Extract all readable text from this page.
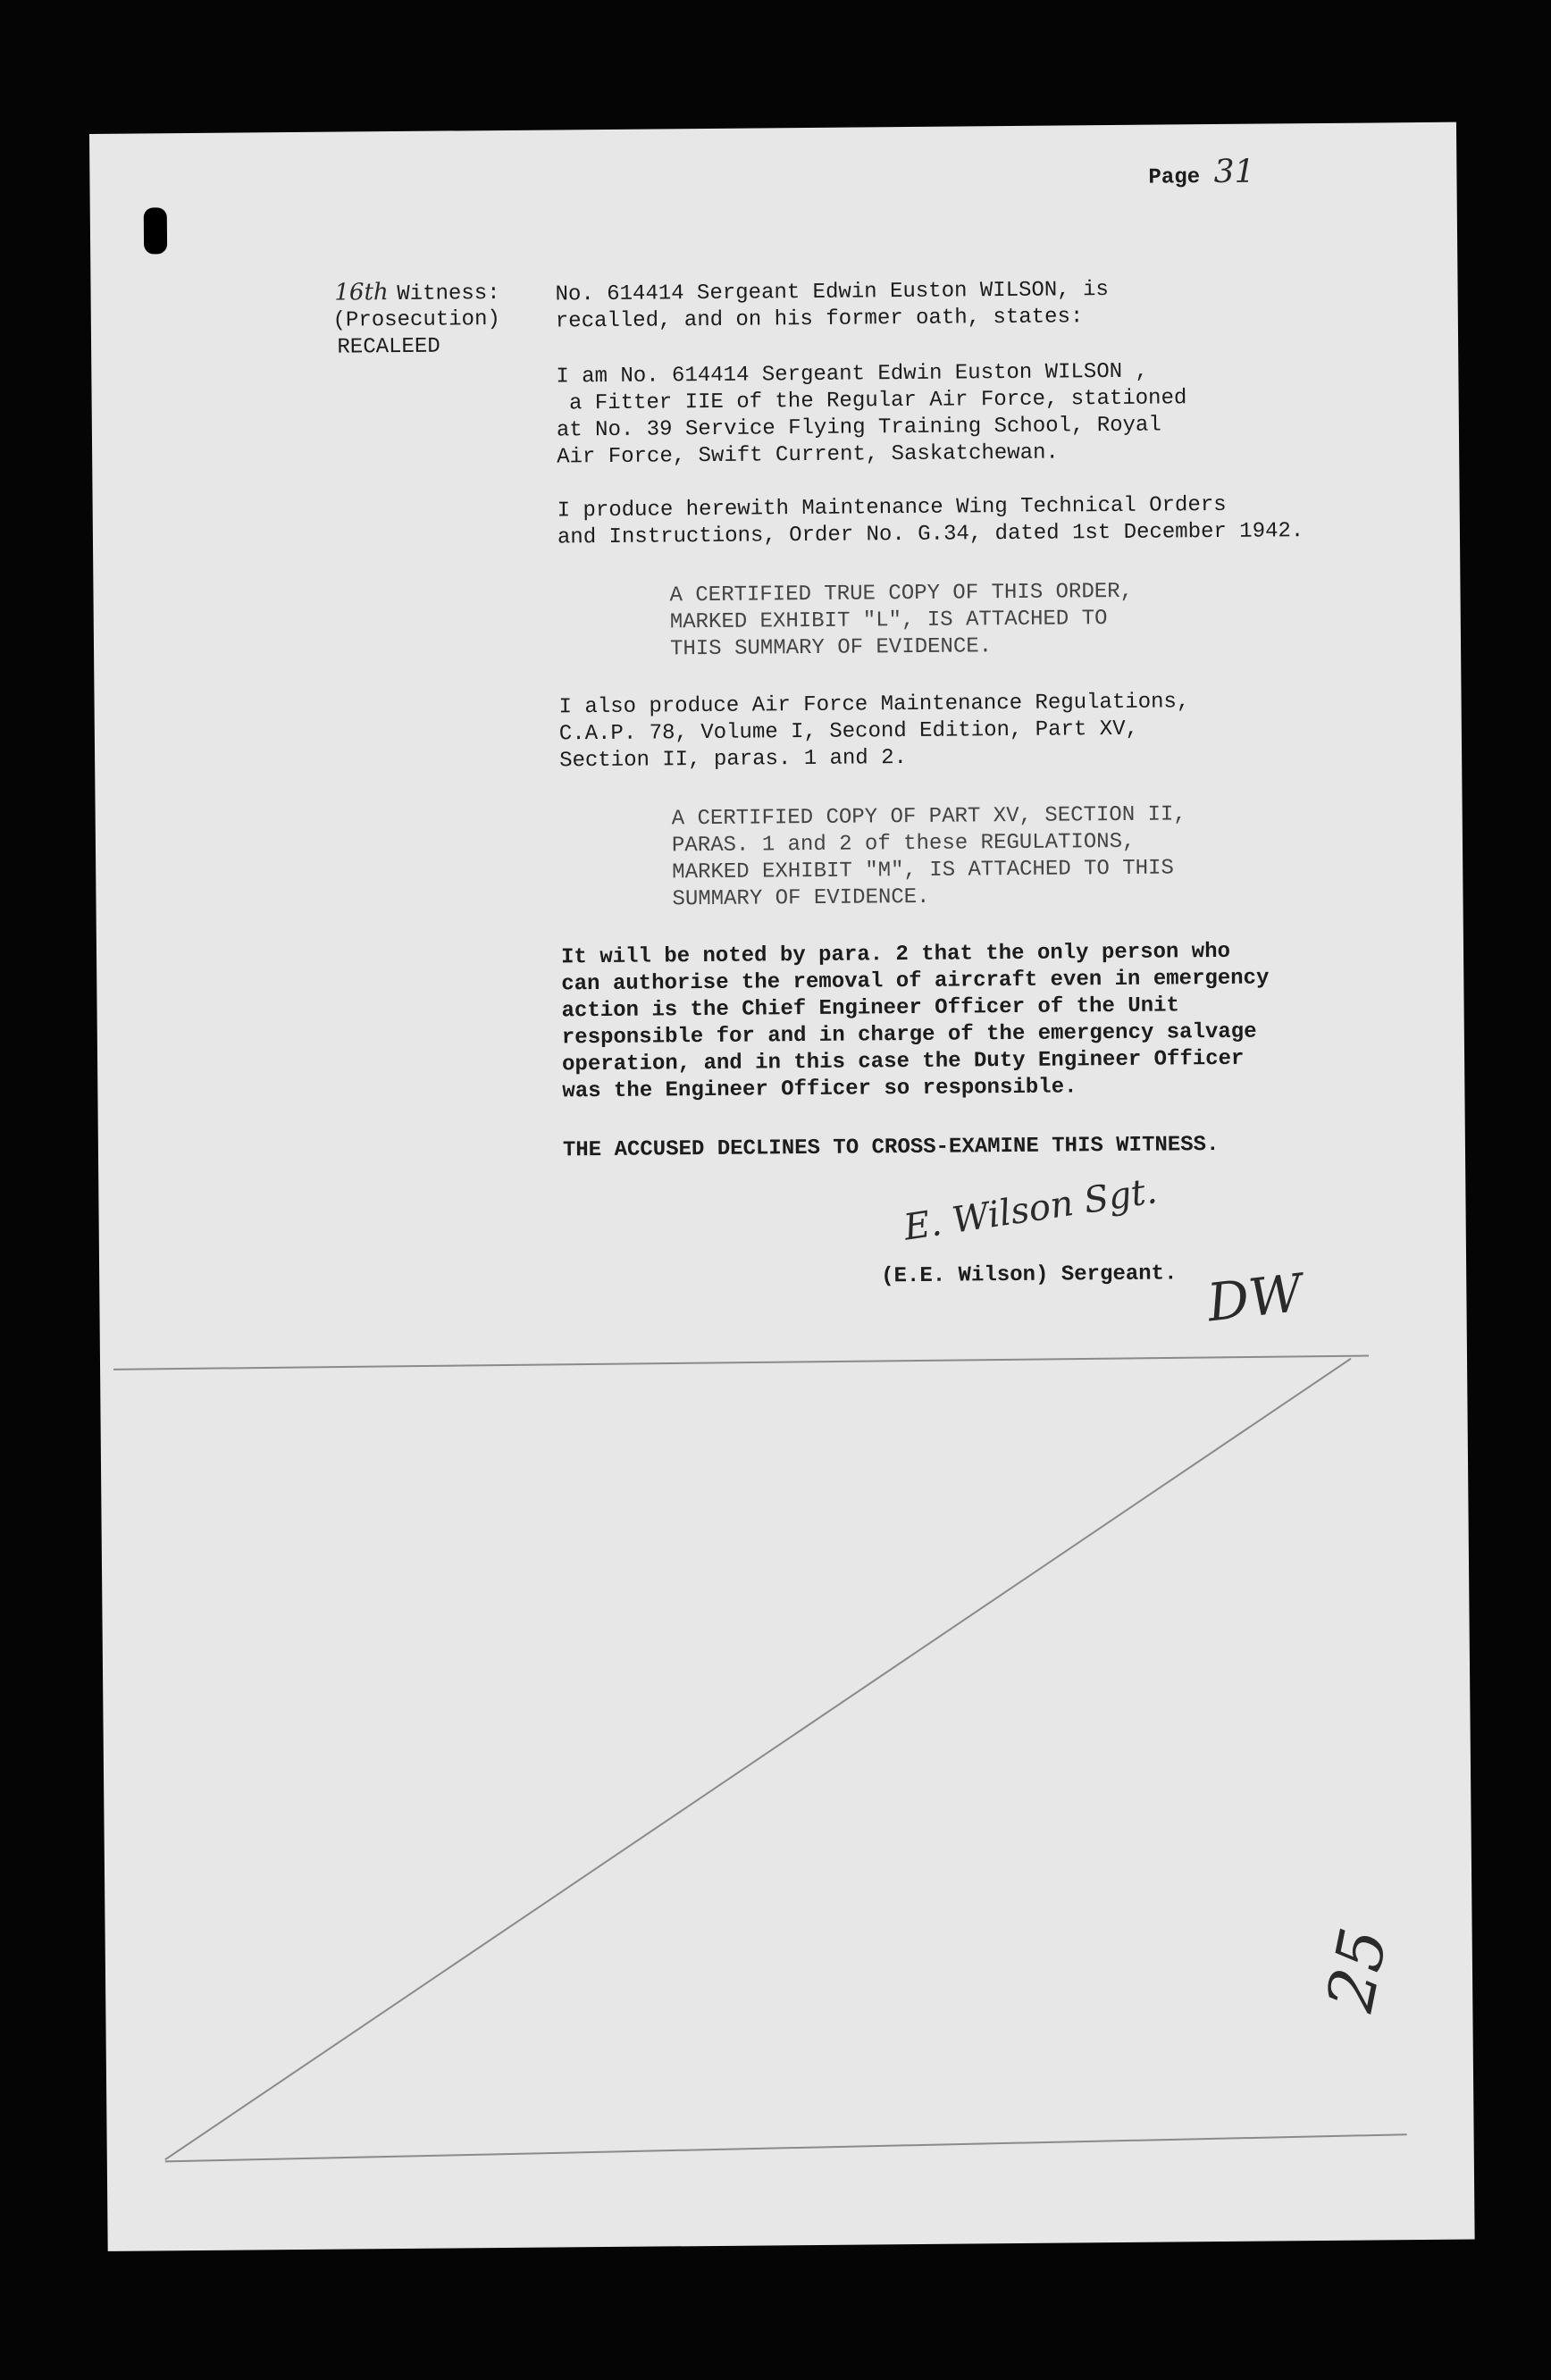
Page 31
16th Witness:
(Prosecution)
RECALEED
No. 614414 Sergeant Edwin Euston WILSON, is
recalled, and on his former oath, states:
I am No. 614414 Sergeant Edwin Euston WILSON ,
a Fitter IIE of the Regular Air Force, stationed
at No. 39 Service Flying Training School, Royal
Air Force, Swift Current, Saskatchewan.
I produce herewith Maintenance Wing Technical Orders
and Instructions, Order No. G.34, dated 1st December 1942.
A CERTIFIED TRUE COPY OF THIS ORDER,
MARKED EXHIBIT "L", IS ATTACHED TO
THIS SUMMARY OF EVIDENCE.
I also produce Air Force Maintenance Regulations,
C.A.P. 78, Volume I, Second Edition, Part XV,
Section II, paras. 1 and 2.
A CERTIFIED COPY OF PART XV, SECTION II,
PARAS. 1 and 2 of these REGULATIONS,
MARKED EXHIBIT "M", IS ATTACHED TO THIS
SUMMARY OF EVIDENCE.
It will be noted by para. 2 that the only person who
can authorise the removal of aircraft even in emergency
action is the Chief Engineer Officer of the Unit
responsible for and in charge of the emergency salvage
operation, and in this case the Duty Engineer Officer
was the Engineer Officer so responsible.
THE ACCUSED DECLINES TO CROSS-EXAMINE THIS WITNESS.
E. Wilson Sgt.
(E.E. Wilson) Sergeant. DW
25
